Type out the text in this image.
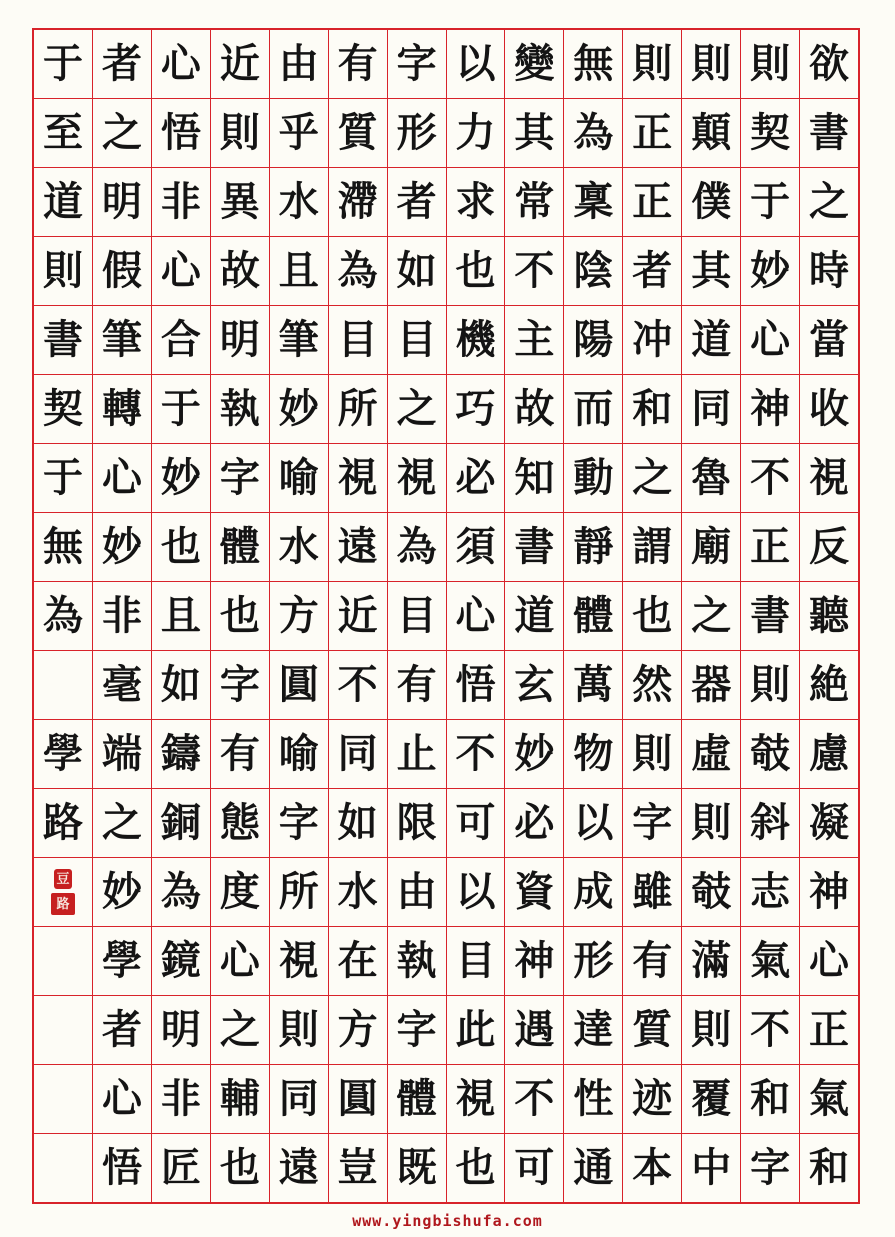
欲
書
之
時
當
收
視
反
聽
絶
慮
凝
神
心
正
氣
和
則
契
于
妙
心
神
不
正
書
則
攲
斜
志
氣
不
和
字
則
顛
僕
其
道
同
魯
廟
之
器
虛
則
攲
滿
則
覆
中
則
正
正
者
冲
和
之
謂
也
然
則
字
雖
有
質
迹
本
無
為
稟
陰
陽
而
動
靜
體
萬
物
以
成
形
達
性
通
變
其
常
不
主
故
知
書
道
玄
妙
必
資
神
遇
不
可
以
力
求
也
機
巧
必
須
心
悟
不
可
以
目
此
視
也
字
形
者
如
目
之
視
為
目
有
止
限
由
執
字
體
既
有
質
滯
為
目
所
視
遠
近
不
同
如
水
在
方
圓
豈
由
乎
水
且
筆
妙
喻
水
方
圓
喻
字
所
視
則
同
遠
近
則
異
故
明
執
字
體
也
字
有
態
度
心
之
輔
也
心
悟
非
心
合
于
妙
也
且
如
鑄
銅
為
鏡
明
非
匠
者
之
明
假
筆
轉
心
妙
非
毫
端
之
妙
學
者
心
悟
于
至
道
則
書
契
于
無
為
學
路
豆
路
www.yingbishufa.com
